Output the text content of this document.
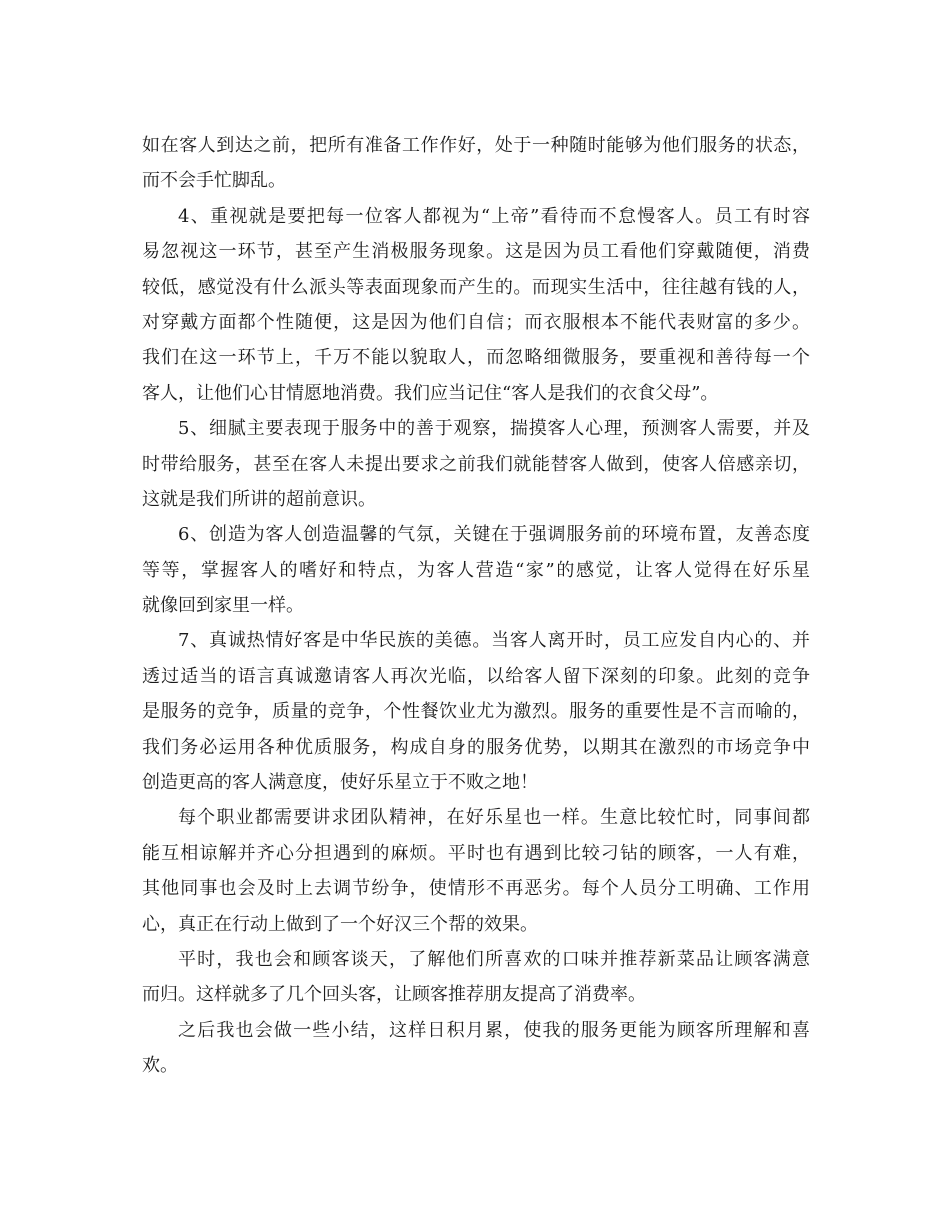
如在客人到达之前，把所有准备工作作好，处于一种随时能够为他们服务的状态，
而不会手忙脚乱。
4、重视就是要把每一位客人都视为“上帝”看待而不怠慢客人。员工有时容
易忽视这一环节，甚至产生消极服务现象。这是因为员工看他们穿戴随便，消费
较低，感觉没有什么派头等表面现象而产生的。而现实生活中，往往越有钱的人，
对穿戴方面都个性随便，这是因为他们自信；而衣服根本不能代表财富的多少。
我们在这一环节上，千万不能以貌取人，而忽略细微服务，要重视和善待每一个
客人，让他们心甘情愿地消费。我们应当记住“客人是我们的衣食父母”。
5、细腻主要表现于服务中的善于观察，揣摸客人心理，预测客人需要，并及
时带给服务，甚至在客人未提出要求之前我们就能替客人做到，使客人倍感亲切，
这就是我们所讲的超前意识。
6、创造为客人创造温馨的气氛，关键在于强调服务前的环境布置，友善态度
等等，掌握客人的嗜好和特点，为客人营造“家”的感觉，让客人觉得在好乐星
就像回到家里一样。
7、真诚热情好客是中华民族的美德。当客人离开时，员工应发自内心的、并
透过适当的语言真诚邀请客人再次光临，以给客人留下深刻的印象。此刻的竞争
是服务的竞争，质量的竞争，个性餐饮业尤为激烈。服务的重要性是不言而喻的，
我们务必运用各种优质服务，构成自身的服务优势，以期其在激烈的市场竞争中
创造更高的客人满意度，使好乐星立于不败之地！
每个职业都需要讲求团队精神，在好乐星也一样。生意比较忙时，同事间都
能互相谅解并齐心分担遇到的麻烦。平时也有遇到比较刁钻的顾客，一人有难，
其他同事也会及时上去调节纷争，使情形不再恶劣。每个人员分工明确、工作用
心，真正在行动上做到了一个好汉三个帮的效果。
平时，我也会和顾客谈天，了解他们所喜欢的口味并推荐新菜品让顾客满意
而归。这样就多了几个回头客，让顾客推荐朋友提高了消费率。
之后我也会做一些小结，这样日积月累，使我的服务更能为顾客所理解和喜
欢。
